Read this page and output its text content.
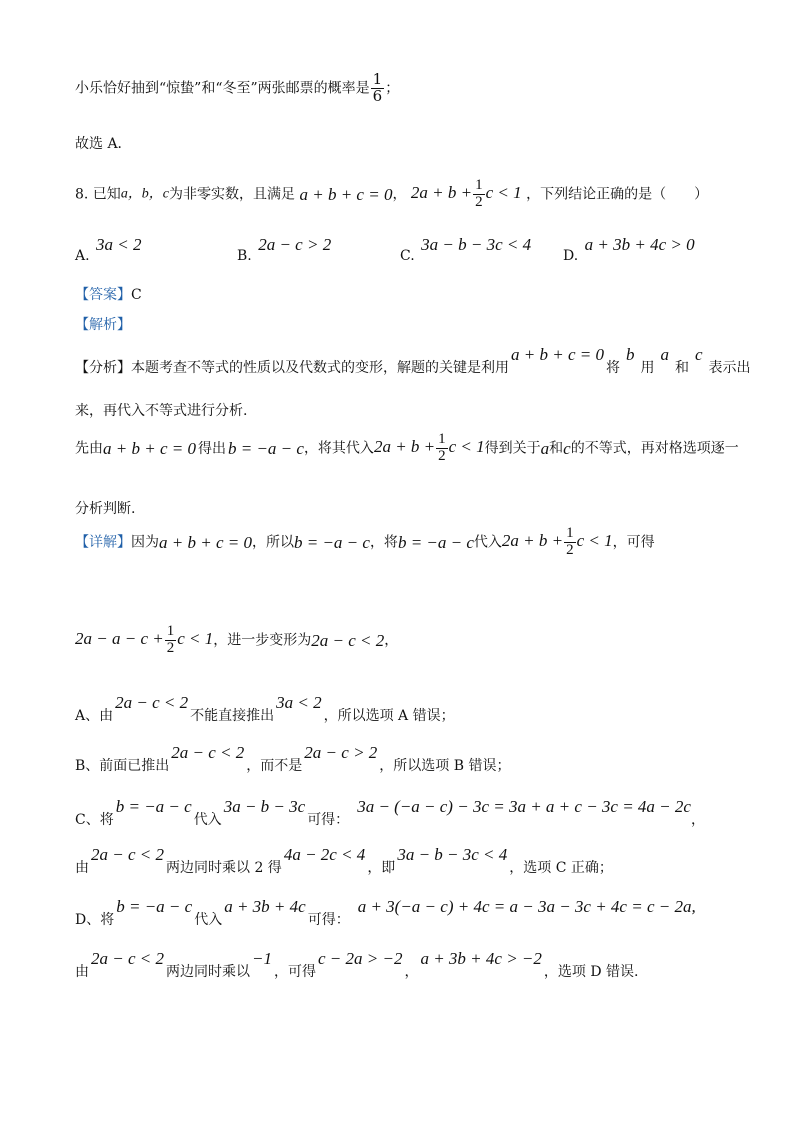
小乐恰好抽到“惊蛰”和“冬至”两张邮票的概率是 $\frac{1}{6}$ ；
故选 A．
8. 已知a，b，c为非零实数，且满足 a + b + c = 0， $2a + b + \frac{1}{2}$ c < 1 ，下列结论正确的是（　　）
A. 3a < 2
B. 2a − c > 2
C. 3a − b − 3c < 4
D. a + 3b + 4c > 0
【答案】C
【解析】
【分析】本题考查不等式的性质以及代数式的变形，解题的关键是利用a + b + c = 0将b用a和c表示出
来，再代入不等式进行分析.
先由a + b + c = 0 得出 b = −a − c，将其代入$2a + b + \frac{1}{2}$ c < 1得到关于a和c的不等式，再对格选项逐一
分析判断.
【详解】因为a + b + c = 0，所以b = −a − c，将b = −a − c代入$2a + b + \frac{1}{2}$ c < 1，可得
$2a - a - c + \frac{1}{2}$ c < 1，进一步变形为2a − c < 2，
A、由2a − c < 2不能直接推出3a < 2，所以选项 A 错误；
B、前面已推出2a − c < 2，而不是2a − c > 2，所以选项 B 错误；
C、将b = −a − c代入3a − b − 3c可得：3a − (−a − c) − 3c = 3a + a + c − 3c = 4a − 2c，
由2a − c < 2两边同时乘以 2 得4a − 2c < 4，即3a − b − 3c < 4，选项 C 正确；
D、将b = −a − c代入a + 3b + 4c可得：a + 3(−a − c) + 4c = a − 3a − 3c + 4c = c − 2a,
由2a − c < 2两边同时乘以−1，可得c − 2a > −2，a + 3b + 4c > −2，选项 D 错误.
